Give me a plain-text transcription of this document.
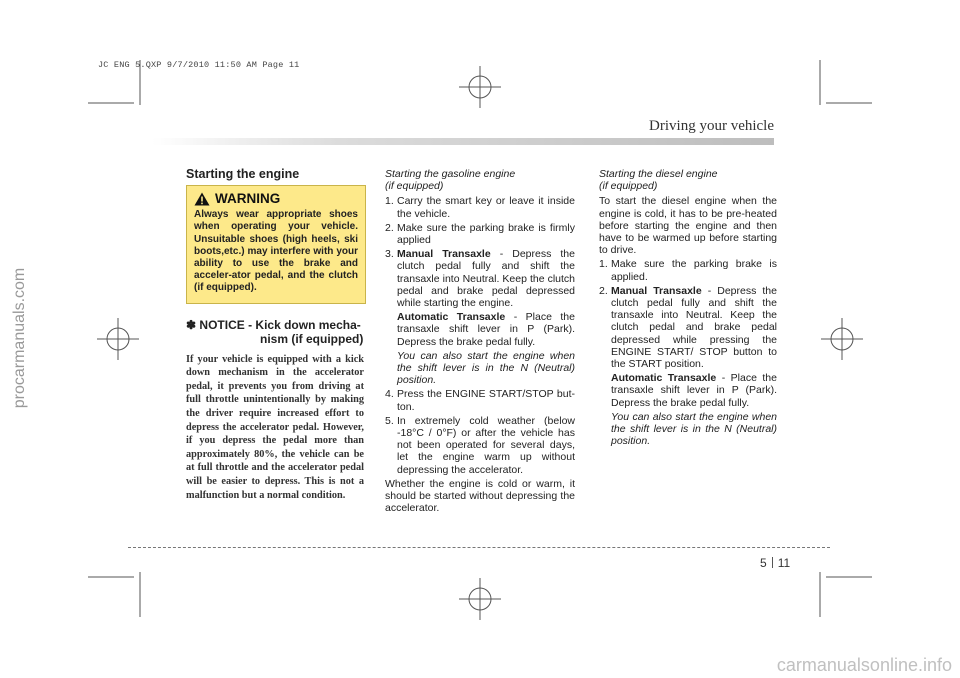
JC ENG 5.QXP 9/7/2010 11:50 AM Page 11
procarmanuals.com
Driving your vehicle
Starting the engine
WARNING
Always wear appropriate shoes when operating your vehicle. Unsuitable shoes (high heels, ski boots,etc.) may interfere with your ability to use the brake and acceler-ator pedal, and the clutch (if equipped).
✽ NOTICE - Kick down mecha-
nism (if equipped)
If your vehicle is equipped with a kick down mechanism in the accelerator pedal, it prevents you from driving at full throttle unintentionally by making the driver require increased effort to depress the accelerator pedal. However, if you depress the pedal more than approximately 80%, the vehicle can be at full throttle and the accelerator pedal will be easier to depress. This is not a malfunction but a normal condition.
Starting the gasoline engine
(if equipped)
1. Carry the smart key or leave it inside the vehicle.
2. Make sure the parking brake is firmly applied
3. Manual Transaxle - Depress the clutch pedal fully and shift the transaxle into Neutral. Keep the clutch pedal and brake pedal depressed while starting the engine.
Automatic Transaxle - Place the transaxle shift lever in P (Park). Depress the brake pedal fully.
You can also start the engine when the shift lever is in the N (Neutral) position.
4. Press the ENGINE START/STOP but-ton.
5. In extremely cold weather (below -18°C / 0°F) or after the vehicle has not been operated for several days, let the engine warm up without depressing the accelerator.
Whether the engine is cold or warm, it should be started without depressing the accelerator.
Starting the diesel engine
(if equipped)
To start the diesel engine when the engine is cold, it has to be pre-heated before starting the engine and then have to be warmed up before starting to drive.
1. Make sure the parking brake is applied.
2. Manual Transaxle - Depress the clutch pedal fully and shift the transaxle into Neutral. Keep the clutch pedal and brake pedal depressed while pressing the ENGINE START/ STOP button to the START position.
Automatic Transaxle - Place the transaxle shift lever in P (Park). Depress the brake pedal fully.
You can also start the engine when the shift lever is in the N (Neutral) position.
5 11
carmanualsonline.info
